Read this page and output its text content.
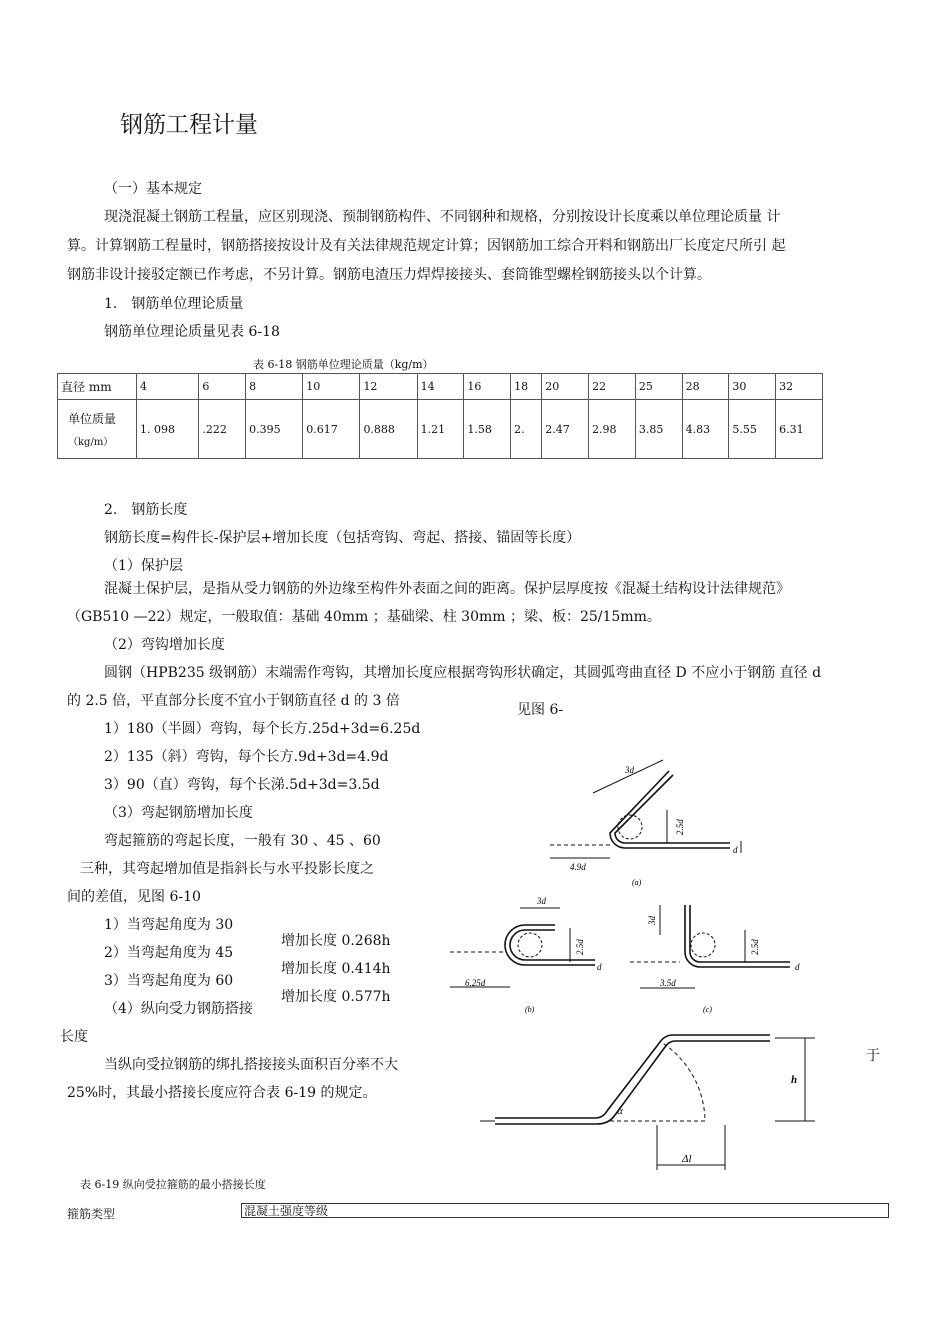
钢筋工程计量
（一）基本规定
现浇混凝土钢筋工程量，应区别现浇、预制钢筋构件、不同钢种和规格，分别按设计长度乘以单位理论质量 计
算。计算钢筋工程量时，钢筋搭接按设计及有关法律规范规定计算；因钢筋加工综合开料和钢筋出厂长度定尺所引 起
钢筋非设计接驳定额已作考虑，不另计算。钢筋电渣压力焊焊接接头、套筒锥型螺栓钢筋接头以个计算。
1.　钢筋单位理论质量
钢筋单位理论质量见表 6-18
表 6-18 钢筋单位理论质量（kg/m）
直径 mm	4	6	8	10	12	14	16	18	20	22	25	28	30	32

单位质量
（kg/m）	1. 098	.222	0.395	0.617	0.888	1.21	1.58	2.	2.47	2.98	3.85	4.83	5.55	6.31
2.　钢筋长度
钢筋长度=构件长-保护层+增加长度（包括弯钩、弯起、搭接、锚固等长度）
（1）保护层
混凝土保护层，是指从受力钢筋的外边缘至构件外表面之间的距离。保护层厚度按《混凝土结构设计法律规范》
（GB510 —22）规定，一般取值：基础 40mm ；基础梁、柱 30mm ；梁、板：25/15mm。
（2）弯钩增加长度
圆钢（HPB235 级钢筋）末端需作弯钩，其增加长度应根据弯钩形状确定，其圆弧弯曲直径 D 不应小于钢筋 直径 d
的 2.5 倍，平直部分长度不宜小于钢筋直径 d 的 3 倍
见图 6-
1）180（半圆）弯钩，每个长方.25d+3d=6.25d
2）135（斜）弯钩，每个长方.9d+3d=4.9d
3）90（直）弯钩，每个长涕.5d+3d=3.5d
（3）弯起钢筋增加长度
弯起箍筋的弯起长度，一般有 30 、45 、60
三种，其弯起增加值是指斜长与水平投影长度之
间的差值，见图 6-10
1）当弯起角度为 30
2）当弯起角度为 45
3）当弯起角度为 60
增加长度 0.268h
增加长度 0.414h
增加长度 0.577h
（4）纵向受力钢筋搭接
长度
当纵向受拉钢筋的绑扎搭接接头面积百分率不大
25%时，其最小搭接长度应符合表 6-19 的规定。
于
3d
2.5d
4.9d
d
(a)
3d
2.5d
6.25d
d
(b)
3d
2.5d
3.5d
d
(c)
h
α
Δl
表 6-19 纵向受拉箍筋的最小搭接长度
箍筋类型	混凝土强度等级
